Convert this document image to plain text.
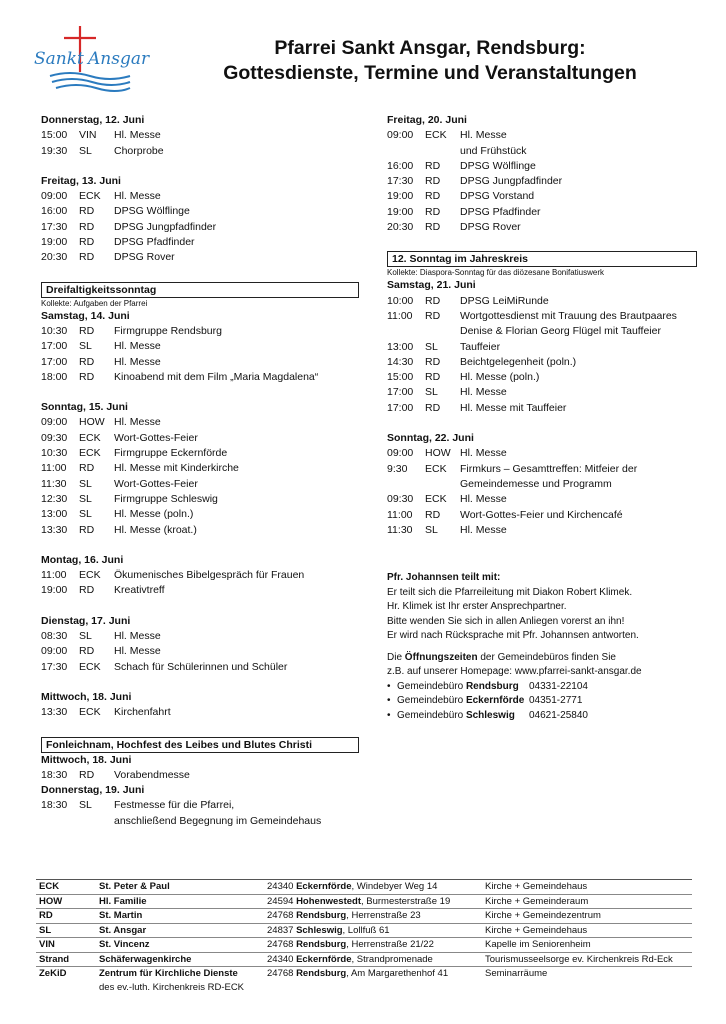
Sankt Ansgar	Pfarrei Sankt Ansgar, Rendsburg:
Gottesdienste, Termine und Veranstaltungen
Donnerstag, 12. Juni
15:00	VIN	Hl. Messe
19:30	SL	Chorprobe
Freitag, 13. Juni
09:00	ECK	Hl. Messe
16:00	RD	DPSG Wölflinge
17:30	RD	DPSG Jungpfadfinder
19:00	RD	DPSG Pfadfinder
20:30	RD	DPSG Rover
Dreifaltigkeitssonntag
Kollekte: Aufgaben der Pfarrei
Samstag, 14. Juni
10:30	RD	Firmgruppe Rendsburg
17:00	SL	Hl. Messe
17:00	RD	Hl. Messe
18:00	RD	Kinoabend mit dem Film „Maria Magdalena“
Sonntag, 15. Juni
09:00	HOW Hl. Messe
09:30	ECK	Wort-Gottes-Feier
10:30	ECK	Firmgruppe Eckernförde
11:00	RD	Hl. Messe mit Kinderkirche
11:30	SL	Wort-Gottes-Feier
12:30	SL	Firmgruppe Schleswig
13:00	SL	Hl. Messe (poln.)
13:30	RD	Hl. Messe (kroat.)
Montag, 16. Juni
11:00	ECK	Ökumenisches Bibelgespräch für Frauen
19:00	RD	Kreativtreff
Dienstag, 17. Juni
08:30	SL	Hl. Messe
09:00	RD	Hl. Messe
17:30	ECK	Schach für Schülerinnen und Schüler
Mittwoch, 18. Juni
13:30	ECK	Kirchenfahrt
Fonleichnam, Hochfest des Leibes und Blutes Christi
Mittwoch, 18. Juni
18:30	RD	Vorabendmesse
Donnerstag, 19. Juni
18:30	SL	Festmesse für die Pfarrei,
anschließend Begegnung im Gemeindehaus
Freitag, 20. Juni
09:00	ECK	Hl. Messe
und Frühstück
16:00	RD	DPSG Wölflinge
17:30	RD	DPSG Jungpfadfinder
19:00	RD	DPSG Vorstand
19:00	RD	DPSG Pfadfinder
20:30	RD	DPSG Rover
12. Sonntag im Jahreskreis
Kollekte: Diaspora-Sonntag für das diözesane Bonifatiuswerk
Samstag, 21. Juni
10:00	RD	DPSG LeiMiRunde
11:00	RD	Wortgottesdienst mit Trauung des Brautpaares
Denise & Florian Georg Flügel mit Tauffeier
13:00	SL	Tauffeier
14:30	RD	Beichtgelegenheit (poln.)
15:00	RD	Hl. Messe (poln.)
17:00	SL	Hl. Messe
17:00	RD	Hl. Messe mit Tauffeier
Sonntag, 22. Juni
09:00	HOW Hl. Messe
9:30	ECK	Firmkurs – Gesamttreffen: Mitfeier der
Gemeindemesse und Programm
09:30	ECK	Hl. Messe
11:00	RD	Wort-Gottes-Feier und Kirchencafé
11:30	SL	Hl. Messe
Pfr. Johannsen teilt mit:
Er teilt sich die Pfarreileitung mit Diakon Robert Klimek.
Hr. Klimek ist Ihr erster Ansprechpartner.
Bitte wenden Sie sich in allen Anliegen vorerst an ihn!
Er wird nach Rücksprache mit Pfr. Johannsen antworten.
Die Öffnungszeiten der Gemeindebüros finden Sie
z.B. auf unserer Homepage: www.pfarrei-sankt-ansgar.de
• Gemeindebüro Rendsburg	04331-22104
• Gemeindebüro Eckernförde 04351-2771
• Gemeindebüro Schleswig	04621-25840
ECK	St. Peter & Paul	24340 Eckernförde, Windebyer Weg 14	Kirche + Gemeindehaus
HOW	Hl. Familie	24594 Hohenwestedt, Burmesterstraße 19	Kirche + Gemeinderaum
RD	St. Martin	24768 Rendsburg, Herrenstraße 23	Kirche + Gemeindezentrum
SL	St. Ansgar	24837 Schleswig, Lollfuß 61	Kirche + Gemeindehaus
VIN	St. Vincenz	24768 Rendsburg, Herrenstraße 21/22	Kapelle im Seniorenheim
Strand	Schäferwagenkirche	24340 Eckernförde, Strandpromenade	Tourismusseelsorge ev. Kirchenkreis Rd-Eck
ZeKiD	Zentrum für Kirchliche Dienste
des ev.-luth. Kirchenkreis RD-ECK
24768 Rendsburg, Am Margarethenhof 41	Seminarräume
